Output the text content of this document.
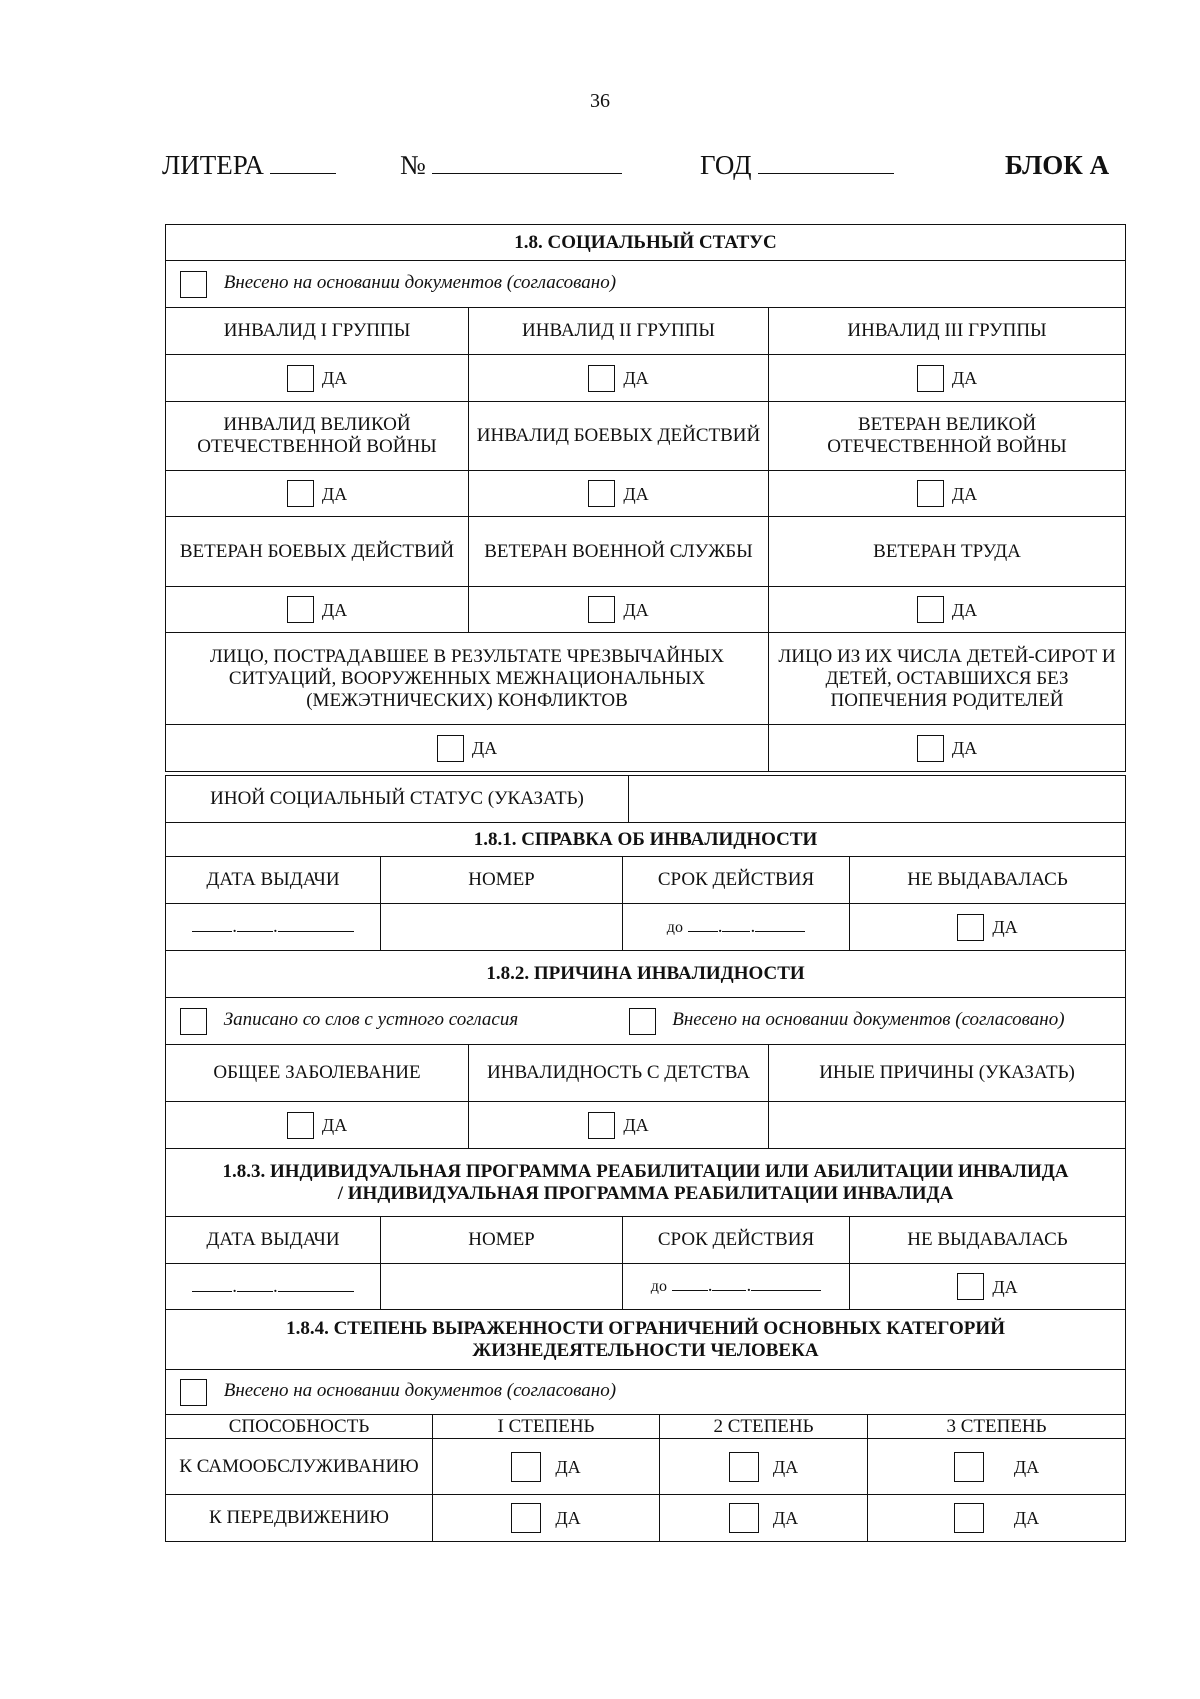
36
ЛИТЕРА	№	ГОД	БЛОК А
1.8. СОЦИАЛЬНЫЙ СТАТУС		
Внесено на основании документов (согласовано)		
ИНВАЛИД I ГРУППЫ	ИНВАЛИД II ГРУППЫ	ИНВАЛИД III ГРУППЫ
ДА	ДА	ДА
ИНВАЛИД ВЕЛИКОЙ ОТЕЧЕСТВЕННОЙ ВОЙНЫ	ИНВАЛИД БОЕВЫХ ДЕЙСТВИЙ	ВЕТЕРАН ВЕЛИКОЙ ОТЕЧЕСТВЕННОЙ ВОЙНЫ
ДА	ДА	ДА
ВЕТЕРАН БОЕВЫХ ДЕЙСТВИЙ	ВЕТЕРАН ВОЕННОЙ СЛУЖБЫ	ВЕТЕРАН ТРУДА
ДА	ДА	ДА
ЛИЦО, ПОСТРАДАВШЕЕ В РЕЗУЛЬТАТЕ ЧРЕЗВЫЧАЙНЫХ СИТУАЦИЙ, ВООРУЖЕННЫХ МЕЖНАЦИОНАЛЬНЫХ (МЕЖЭТНИЧЕСКИХ) КОНФЛИКТОВ		ЛИЦО ИЗ ИХ ЧИСЛА ДЕТЕЙ-СИРОТ И ДЕТЕЙ, ОСТАВШИХСЯ БЕЗ ПОПЕЧЕНИЯ РОДИТЕЛЕЙ
ДА		ДА
ИНОЙ СОЦИАЛЬНЫЙ СТАТУС (УКАЗАТЬ)	
1.8.1. СПРАВКА ОБ ИНВАЛИДНОСТИ			
ДАТА ВЫДАЧИ	НОМЕР	СРОК ДЕЙСТВИЯ	НЕ ВЫДАВАЛАСЬ
. .		до . .	ДА
1.8.2. ПРИЧИНА ИНВАЛИДНОСТИ		
Записано со слов с устного согласия Внесено на основании документов (согласовано)		
ОБЩЕЕ ЗАБОЛЕВАНИЕ	ИНВАЛИДНОСТЬ С ДЕТСТВА	ИНЫЕ ПРИЧИНЫ (УКАЗАТЬ)
ДА	ДА	
1.8.3. ИНДИВИДУАЛЬНАЯ ПРОГРАММА РЕАБИЛИТАЦИИ ИЛИ АБИЛИТАЦИИ ИНВАЛИДА
/ ИНДИВИДУАЛЬНАЯ ПРОГРАММА РЕАБИЛИТАЦИИ ИНВАЛИДА			

ДАТА ВЫДАЧИ	НОМЕР	СРОК ДЕЙСТВИЯ	НЕ ВЫДАВАЛАСЬ
. .		до . .	ДА
1.8.4. СТЕПЕНЬ ВЫРАЖЕННОСТИ ОГРАНИЧЕНИЙ ОСНОВНЫХ КАТЕГОРИЙ
ЖИЗНЕДЕЯТЕЛЬНОСТИ ЧЕЛОВЕКА			

Внесено на основании документов (согласовано)			
СПОСОБНОСТЬ	I СТЕПЕНЬ	2 СТЕПЕНЬ	3 СТЕПЕНЬ
К САМООБСЛУЖИВАНИЮ	ДА	ДА	ДА
К ПЕРЕДВИЖЕНИЮ	ДА	ДА	ДА
